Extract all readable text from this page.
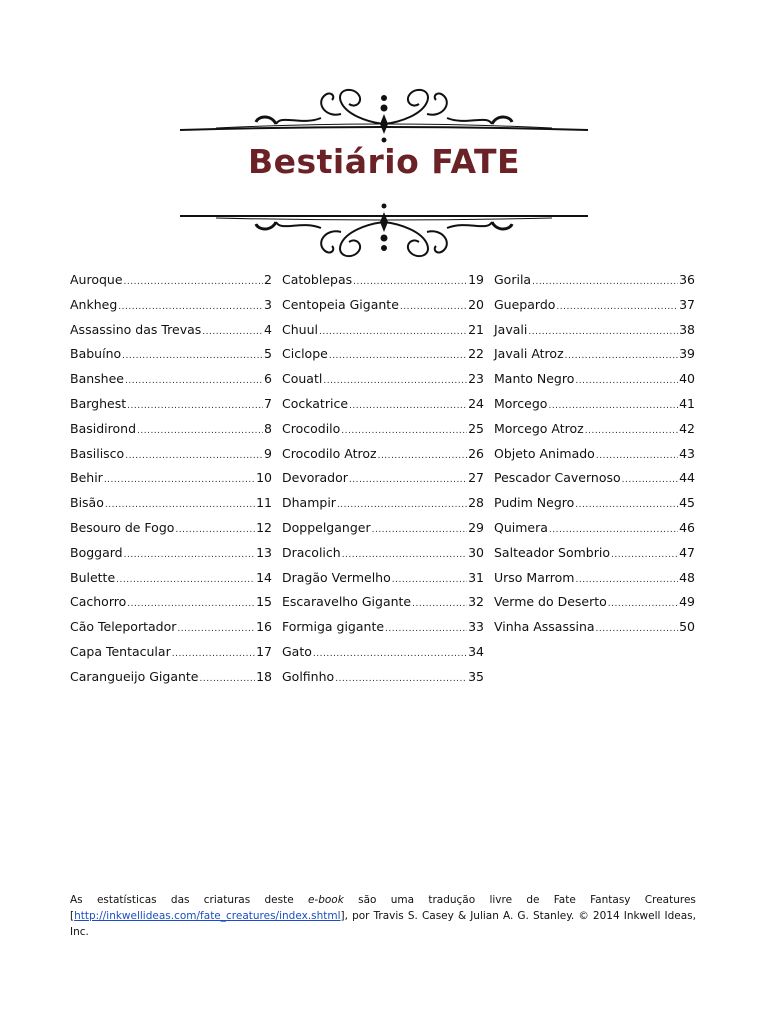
Bestiário FATE
Auroque .....	2
Ankheg .....	3
Assassino das Trevas .....	4
Babuíno .....	5
Banshee .....	6
Barghest .....	7
Basidirond .....	8
Basilisco .....	9
Behir .....	10
Bisão .....	11
Besouro de Fogo .....	12
Boggard .....	13
Bulette .....	14
Cachorro .....	15
Cão Teleportador .....	16
Capa Tentacular .....	17
Carangueijo Gigante .....	18
Catoblepas .....	19
Centopeia Gigante .....	20
Chuul .....	21
Ciclope .....	22
Couatl .....	23
Cockatrice .....	24
Crocodilo .....	25
Crocodilo Atroz .....	26
Devorador .....	27
Dhampir .....	28
Doppelganger .....	29
Dracolich .....	30
Dragão Vermelho .....	31
Escaravelho Gigante .....	32
Formiga gigante .....	33
Gato .....	34
Golfinho .....	35
Gorila .....	36
Guepardo .....	37
Javali .....	38
Javali Atroz .....	39
Manto Negro .....	40
Morcego .....	41
Morcego Atroz .....	42
Objeto Animado .....	43
Pescador Cavernoso .....	44
Pudim Negro .....	45
Quimera .....	46
Salteador Sombrio .....	47
Urso Marrom .....	48
Verme do Deserto .....	49
Vinha Assassina .....	50
As estatísticas das criaturas deste e-book são uma tradução livre de Fate Fantasy Creatures
[http://inkwellideas.com/fate_creatures/index.shtml], por Travis S. Casey & Julian A. G. Stanley. © 2014 Inkwell Ideas, Inc.
